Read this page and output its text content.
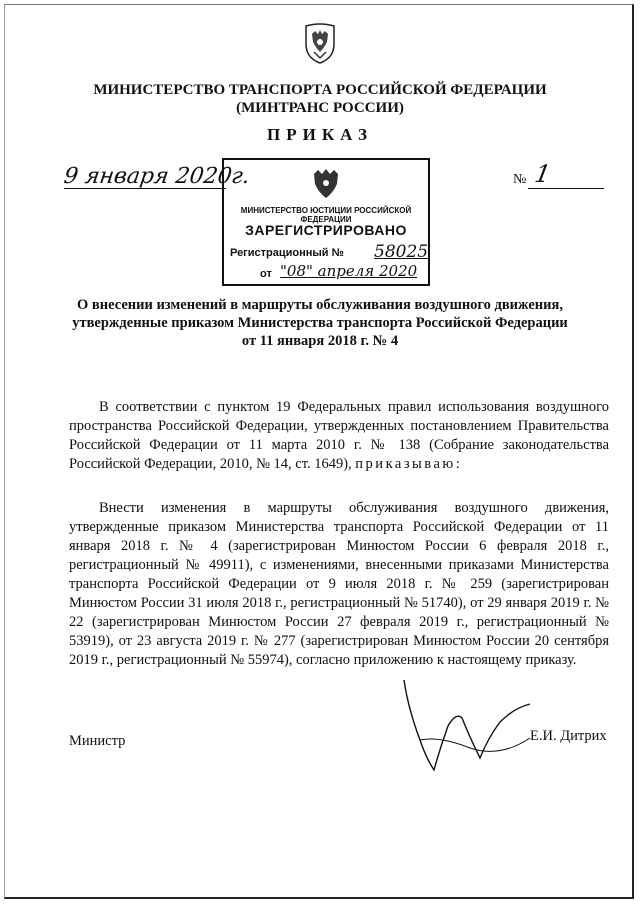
МИНИСТЕРСТВО ТРАНСПОРТА РОССИЙСКОЙ ФЕДЕРАЦИИ
(МИНТРАНС РОССИИ)
ПРИКАЗ
9 января 2020г.	№ 1
МИНИСТЕРСТВО ЮСТИЦИИ РОССИЙСКОЙ ФЕДЕРАЦИИ
ЗАРЕГИСТРИРОВАНО
Регистрационный № 58025
от "08" апреля 2020
О внесении изменений в маршруты обслуживания воздушного движения,
утвержденные приказом Министерства транспорта Российской Федерации
от 11 января 2018 г. № 4
В соответствии с пунктом 19 Федеральных правил использования воздушного пространства Российской Федерации, утвержденных постановлением Правительства Российской Федерации от 11 марта 2010 г. № 138 (Собрание законодательства Российской Федерации, 2010, № 14, ст. 1649), приказываю:
Внести изменения в маршруты обслуживания воздушного движения, утвержденные приказом Министерства транспорта Российской Федерации от 11 января 2018 г. № 4 (зарегистрирован Минюстом России 6 февраля 2018 г., регистрационный № 49911), с изменениями, внесенными приказами Министерства транспорта Российской Федерации от 9 июля 2018 г. № 259 (зарегистрирован Минюстом России 31 июля 2018 г., регистрационный № 51740), от 29 января 2019 г. № 22 (зарегистрирован Минюстом России 27 февраля 2019 г., регистрационный № 53919), от 23 августа 2019 г. № 277 (зарегистрирован Минюстом России 20 сентября 2019 г., регистрационный № 55974), согласно приложению к настоящему приказу.
Министр	Е.И. Дитрих
